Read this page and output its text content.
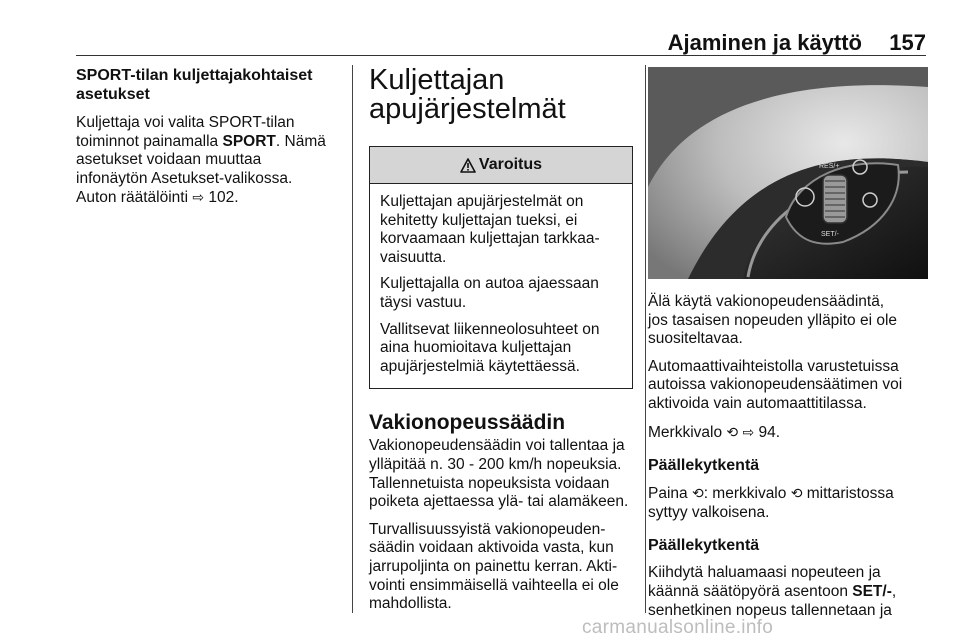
Ajaminen ja käyttö	157
SPORT-tilan kuljettajakohtaiset
asetukset

Kuljettaja voi valita SPORT-tilan
toiminnot painamalla SPORT. Nämä
asetukset voidaan muuttaa
infonäytön Asetukset-valikossa.
Auton räätälöinti ⇨ 102.

Kuljettajan
apujärjestelmät
Varoitus

Kuljettajan apujärjestelmät on
kehitetty kuljettajan tueksi, ei
korvaamaan kuljettajan tarkkaa-
vaisuutta.

Kuljettajalla on autoa ajaessaan
täysi vastuu.

Vallitsevat liikenneolosuhteet on
aina huomioitava kuljettajan
apujärjestelmiä käytettäessä.

Vakionopeussäädin

Vakionopeudensäädin voi tallentaa ja
ylläpitää n. 30 - 200 km/h nopeuksia.
Tallennetuista nopeuksista voidaan
poiketa ajettaessa ylä- tai alamäkeen.

Turvallisuussyistä vakionopeuden-
säädin voidaan aktivoida vasta, kun
jarrupoljinta on painettu kerran. Akti-
vointi ensimmäisellä vaihteella ei ole
mahdollista.

RES/+
SET/-

Älä käytä vakionopeudensäädintä,
jos tasaisen nopeuden ylläpito ei ole
suositeltavaa.

Automaattivaihteistolla varustetuissa
autoissa vakionopeudensäätimen voi
aktivoida vain automaattitilassa.

Merkkivalo ⟲ ⇨ 94.

Päällekytkentä

Paina ⟲: merkkivalo ⟲ mittaristossa
syttyy valkoisena.

Päällekytkentä

Kiihdytä haluamaasi nopeuteen ja
käännä säätöpyörä asentoon SET/-,
senhetkinen nopeus tallennetaan ja

carmanualsonline.info
